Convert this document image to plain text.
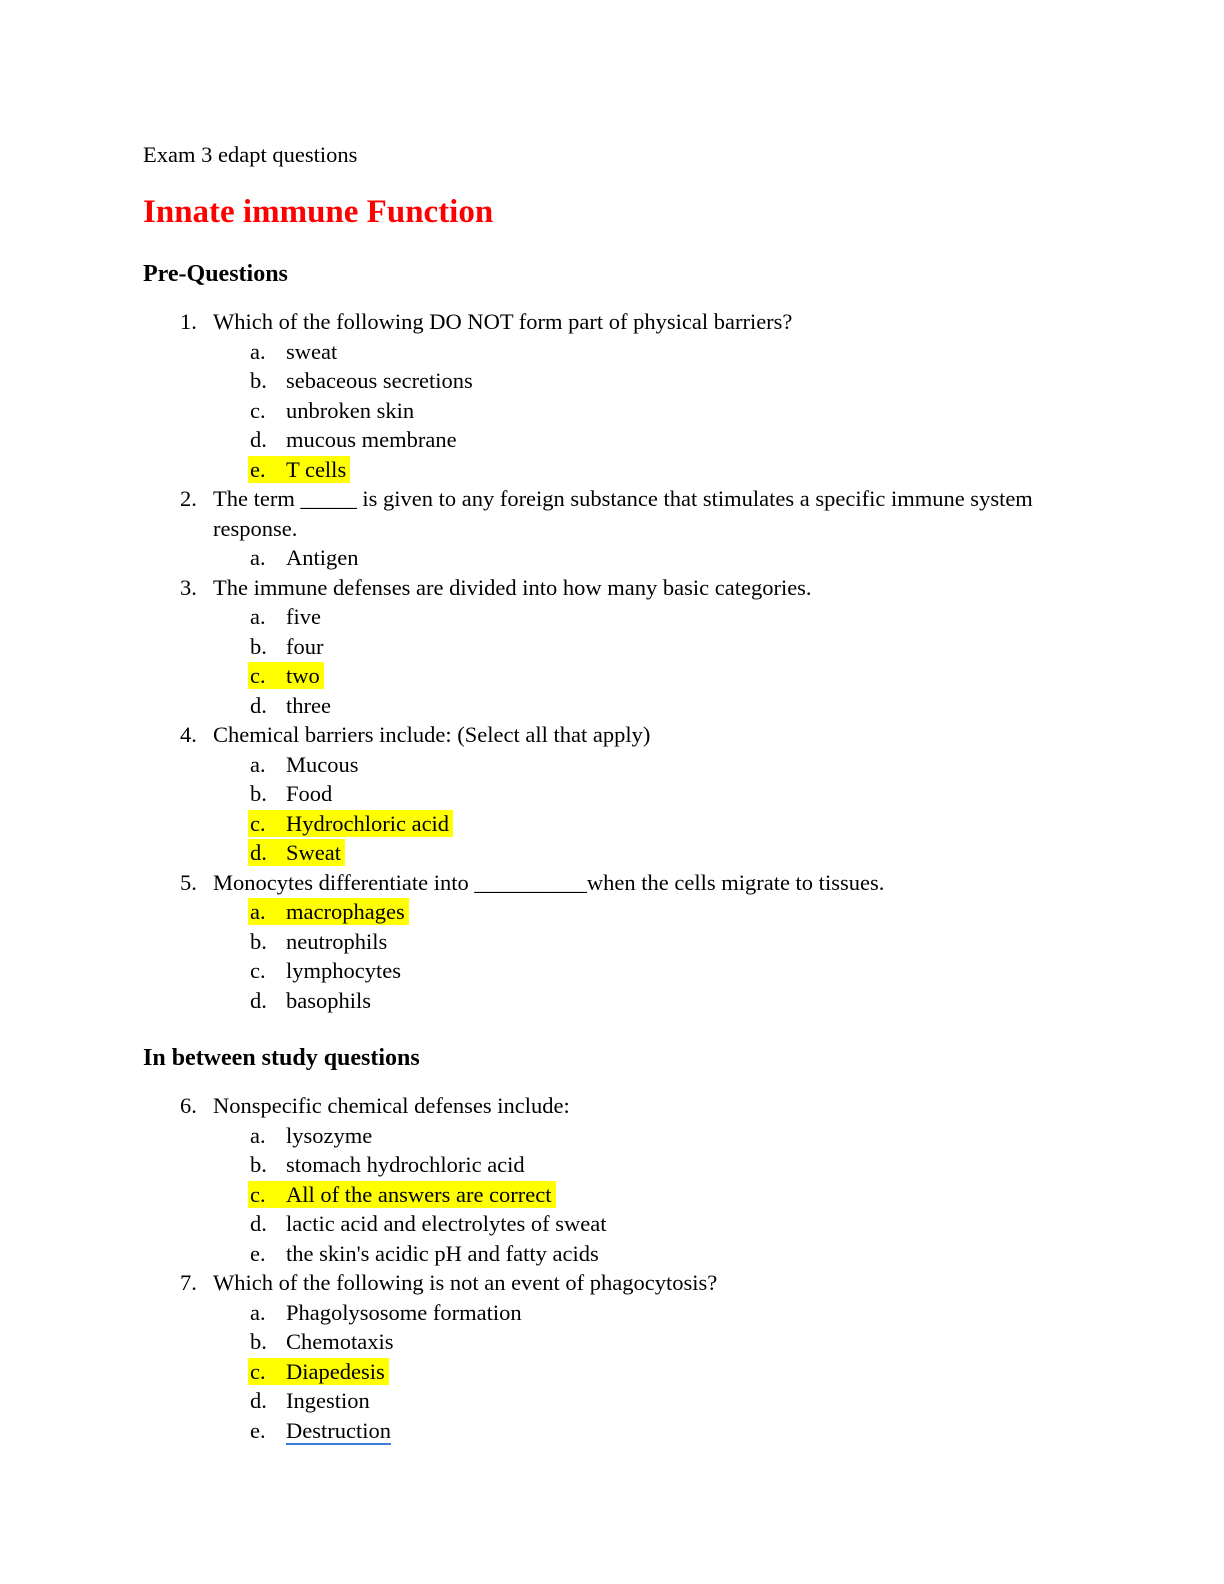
Exam 3 edapt questions

Innate immune Function
Pre-Questions
1. Which of the following DO NOT form part of physical barriers?
a. sweat
b. sebaceous secretions
c. unbroken skin
d. mucous membrane
e. T cells
2. The term _____ is given to any foreign substance that stimulates a specific immune system response.
a. Antigen
3. The immune defenses are divided into how many basic categories.
a. five
b. four
c. two
d. three
4. Chemical barriers include: (Select all that apply)
a. Mucous
b. Food
c. Hydrochloric acid
d. Sweat
5. Monocytes differentiate into __________when the cells migrate to tissues.
a. macrophages
b. neutrophils
c. lymphocytes
d. basophils
In between study questions
6. Nonspecific chemical defenses include:
a. lysozyme
b. stomach hydrochloric acid
c. All of the answers are correct
d. lactic acid and electrolytes of sweat
e. the skin's acidic pH and fatty acids
7. Which of the following is not an event of phagocytosis?
a. Phagolysosome formation
b. Chemotaxis
c. Diapedesis
d. Ingestion
e. Destruction
